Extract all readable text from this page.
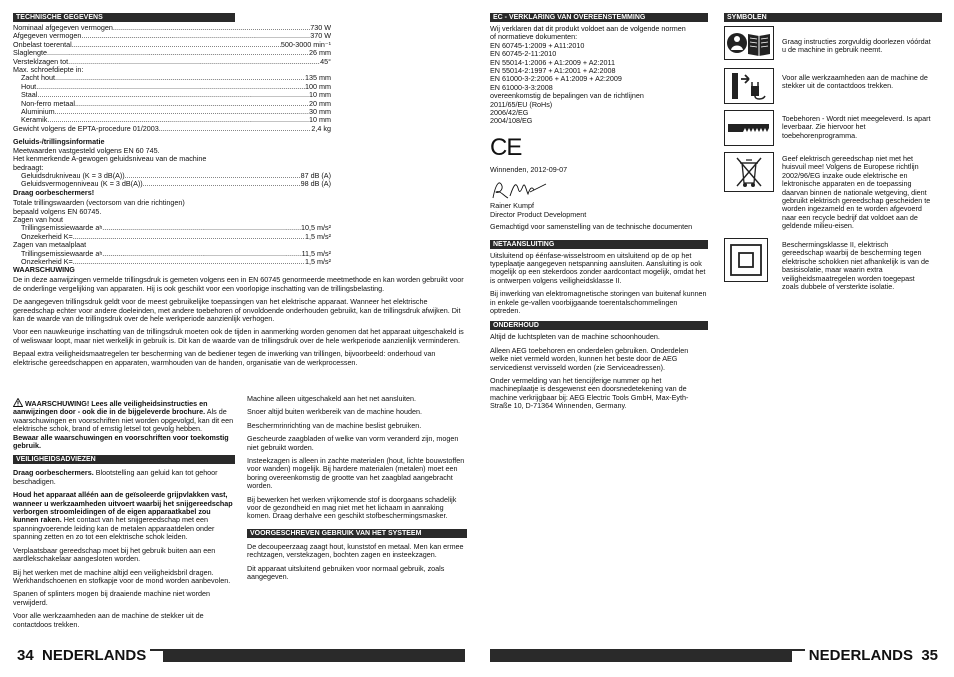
TECHNISCHE GEGEVENS
Nominaal afgegeven vermogen .....	730 W
Afgegeven vermogen .....	370 W
Onbelast toerental .....	500-3000 min⁻¹
Slaglengte .....	26 mm
Versteklzagen tot .....	45°
Max. schroefdiepte in:
Zacht hout .....	135 mm
Hout .....	100 mm
Staal .....	10 mm
Non-ferro metaal .....	20 mm
Aluminium .....	30 mm
Keramik .....	10 mm
Gewicht volgens de EPTA-procedure 01/2003 .....	2,4 kg
Geluids-/trillingsinformatie
Meetwaarden vastgesteld volgens EN 60 745.
Het kenmerkende A-gewogen geluidsniveau van de machine
bedraagt:
Geluidsdrukniveau (K = 3 dB(A)) .....	87 dB (A)
Geluidsvermogenniveau (K = 3 dB(A)) .....	98 dB (A)
Draag oorbeschermers!
Totale trillingswaarden (vectorsom van drie richtingen)
bepaald volgens EN 60745.
Zagen van hout
Trillingsemissiewaarde a h .....	10,5 m/s²
Onzekerheid K= .....	1,5 m/s²
Zagen van metaalplaat
Trillingsemissiewaarde a h .....	11,5 m/s²
Onzekerheid K= .....	1,5 m/s²
WAARSCHUWING
De in deze aanwijzingen vermelde trillingsdruk is gemeten volgens een in EN 60745 genormeerde meetmethode en kan worden gebruikt voor de onderlinge vergelijking van apparaten. Hij is ook geschikt voor een voorlopige inschatting van de trillingsbelasting.
De aangegeven trillingsdruk geldt voor de meest gebruikelijke toepassingen van het elektrische apparaat. Wanneer het elektrische gereedschap echter voor andere doeleinden, met andere toebehoren of onvoldoende onderhouden gebruikt, kan de trillingsdruk afwijken. Dit kan de waarde van de trillingsdruk over de hele werkperiode aanzienlijk verhogen.
Voor een nauwkeurige inschatting van de trillingsdruk moeten ook de tijden in aanmerking worden genomen dat het apparaat uitgeschakeld is of weliswaar loopt, maar niet werkelijk in gebruik is. Dit kan de waarde van de trillingsdruk over de hele werkperiode aanzienlijk verminderen.
Bepaal extra veiligheidsmaatregelen ter bescherming van de bediener tegen de inwerking van trillingen, bijvoorbeeld: onderhoud van elektrische gereedschappen en apparaten, warmhouden van de handen, organisatie van de werkprocessen.
WAARSCHUWING! Lees alle veiligheidsinstructies en aanwijzingen door - ook die in de bijgeleverde brochure. Als de waarschuwingen en voorschriften niet worden opgevolgd, kan dit een elektrische schok, brand of ernstig letsel tot gevolg hebben.
Bewaar alle waarschuwingen en voorschriften voor toekomstig gebruik.
VEILIGHEIDSADVIEZEN
Draag oorbeschermers. Blootstelling aan geluid kan tot gehoor beschadigen.
Houd het apparaat alléén aan de geïsoleerde grijpvlakken vast, wanneer u werkzaamheden uitvoert waarbij het snijgereedschap verborgen stroomleidingen of de eigen apparaatkabel zou kunnen raken. Het contact van het snijgereedschap met een spanningvoerende leiding kan de metalen apparaatdelen onder spanning zetten en zo tot een elektrische schok leiden.
Verplaatsbaar gereedschap moet bij het gebruik buiten aan een aardlekschakelaar aangesloten worden.
Bij het werken met de machine altijd een veiligheidsbril dragen. Werkhandschoenen en stofkapje voor de mond worden aanbevolen.
Spanen of splinters mogen bij draaiende machine niet worden verwijderd.
Voor alle werkzaamheden aan de machine de stekker uit de contactdoos trekken.
Machine alleen uitgeschakeld aan het net aansluiten.
Snoer altijd buiten werkbereik van de machine houden.
Beschermrinrichting van de machine beslist gebruiken.
Gescheurde zaagbladen of welke van vorm veranderd zijn, mogen niet gebruikt worden.
Insteekzagen is alleen in zachte materialen (hout, lichte bouwstoffen voor wanden) mogelijk. Bij hardere materialen (metalen) moet een boring overeenkomstig de grootte van het zaagblad aangebracht worden.
Bij bewerken het werken vrijkomende stof is doorgaans schadelijk voor de gezondheid en mag niet met het lichaam in aanraking komen. Draag derhalve een geschikt stofbeschermingsmasker.
VOORGESCHREVEN GEBRUIK VAN HET SYSTEEM
De decoupeerzaag zaagt hout, kunststof en metaal. Men kan ermee rechtzagen, verstekzagen, bochten zagen en insteekzagen.
Dit apparaat uitsluitend gebruiken voor normaal gebruik, zoals aangegeven.
EC - VERKLARING VAN OVEREENSTEMMING
Wij verklaren dat dit produkt voldoet aan de volgende normen
of normatieve dokumenten:
EN 60745-1:2009 + A11:2010
EN 60745-2-11:2010
EN 55014-1:2006 + A1:2009 + A2:2011
EN 55014-2:1997 + A1:2001 + A2:2008
EN 61000-3-2:2006 + A1:2009 + A2:2009
EN 61000-3-3:2008
overeenkomstig de bepalingen van de richtlijnen
2011/65/EU (RoHs)
2006/42/EG
2004/108/EG
CE
Winnenden, 2012-09-07
Rainer Kumpf
Director Product Development
Gemachtigd voor samenstelling van de technische documenten
NETAANSLUITING
Uitsluitend op éénfase-wisselstroom en uitsluitend op de op het typeplaatje aangegeven netspanning aansluiten. Aansluiting is ook mogelijk op een stekerdoos zonder aardcontact mogelijk, omdat het is ontwerpen volgens veiligheidsklasse II.
Bij inwerking van elektromagnetische storingen van buitenaf kunnen in enkele ge-vallen voorbijgaande toerentalschommelingen optreden.
ONDERHOUD
Altijd de luchtspleten van de machine schoonhouden.
Alleen AEG toebehoren en onderdelen gebruiken. Onderdelen welke niet vermeld worden, kunnen het beste door de AEG servicedienst vervisseld worden (zie Serviceadressen).
Onder vermelding van het tiencijferige nummer op het machineplaatje is desgewenst een doorsnedetekening van de machine verkrijgbaar bij: AEG Electric Tools GmbH, Max-Eyth-Straße 10, D-71364 Winnenden, Germany.
SYMBOLEN
Graag instructies zorgvuldig doorlezen vóórdat u de machine in gebruik neemt.
Voor alle werkzaamheden aan de machine de stekker uit de contactdoos trekken.
Toebehoren - Wordt niet meegeleverd. Is apart leverbaar. Zie hiervoor het toebehorenprogramma.
Geef elektrisch gereedschap niet met het huisvuil mee! Volgens de Europese richtlijn 2002/96/EG inzake oude elektrische en lektronische apparaten en de toepassing daarvan binnen de nationale wetgeving, dient gebruikt elektrisch gereedschap gescheiden te worden ingezameld en te worden afgevoerd naar een recycle bedrijf dat voldoet aan de geldende milieu-eisen.
Beschermingsklasse II, elektrisch gereedschap waarbij de bescherming tegen elektrische schokken niet afhankelijk is van de basisisolatie, maar waarin extra veiligheidsmaatregelen worden toegepast zoals dubbele of versterkte isolatie.
34 NEDERLANDS	NEDERLANDS 35
